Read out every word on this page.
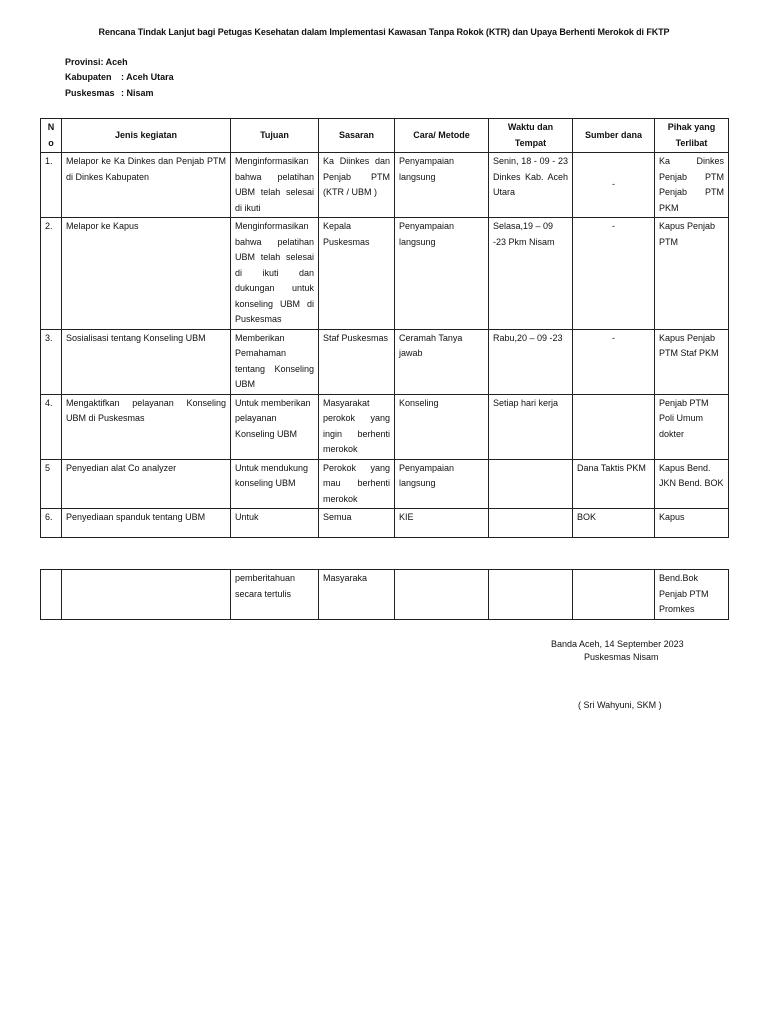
Rencana Tindak Lanjut bagi Petugas Kesehatan dalam Implementasi Kawasan Tanpa Rokok (KTR) dan Upaya Berhenti Merokok di FKTP
Provinsi: Aceh
Kabupaten : Aceh Utara
Puskesmas : Nisam
N o	Jenis kegiatan	Tujuan	Sasaran	Cara/ Metode	Waktu dan Tempat	Sumber dana	Pihak yang Terlibat
1.	Melapor ke Ka Dinkes dan Penjab PTM di Dinkes Kabupaten	Menginformasikan bahwa pelatihan UBM telah selesai di ikuti	Ka Diinkes dan Penjab PTM (KTR / UBM )	Penyampaian langsung	Senin, 18 - 09 - 23 Dinkes Kab. Aceh Utara	-	Ka Dinkes Penjab PTM Penjab PTM PKM
2.	Melapor ke Kapus	Menginformasikan bahwa pelatihan UBM telah selesai di ikuti dan dukungan untuk konseling UBM di Puskesmas	Kepala Puskesmas	Penyampaian langsung	Selasa,19 – 09 -23 Pkm Nisam	-	Kapus Penjab PTM
3.	Sosialisasi tentang Konseling UBM	Memberikan Pemahaman tentang Konseling UBM	Staf Puskesmas	Ceramah Tanya jawab	Rabu,20 – 09 -23	-	Kapus Penjab PTM Staf PKM
4.	Mengaktifkan pelayanan Konseling UBM di Puskesmas	Untuk memberikan pelayanan Konseling UBM	Masyarakat perokok yang ingin berhenti merokok	Konseling	Setiap hari kerja		Penjab PTM Poli Umum dokter
5	Penyedian alat Co analyzer	Untuk mendukung konseling UBM	Perokok yang mau berhenti merokok	Penyampaian langsung		Dana Taktis PKM	Kapus Bend. JKN Bend. BOK
6.	Penyediaan spanduk tentang UBM	Untuk	Semua	KIE		BOK	Kapus
		pemberitahuan secara tertulis	Masyaraka				Bend.Bok Penjab PTM Promkes
Banda Aceh, 14 September 2023
Puskesmas Nisam
( Sri Wahyuni, SKM )
